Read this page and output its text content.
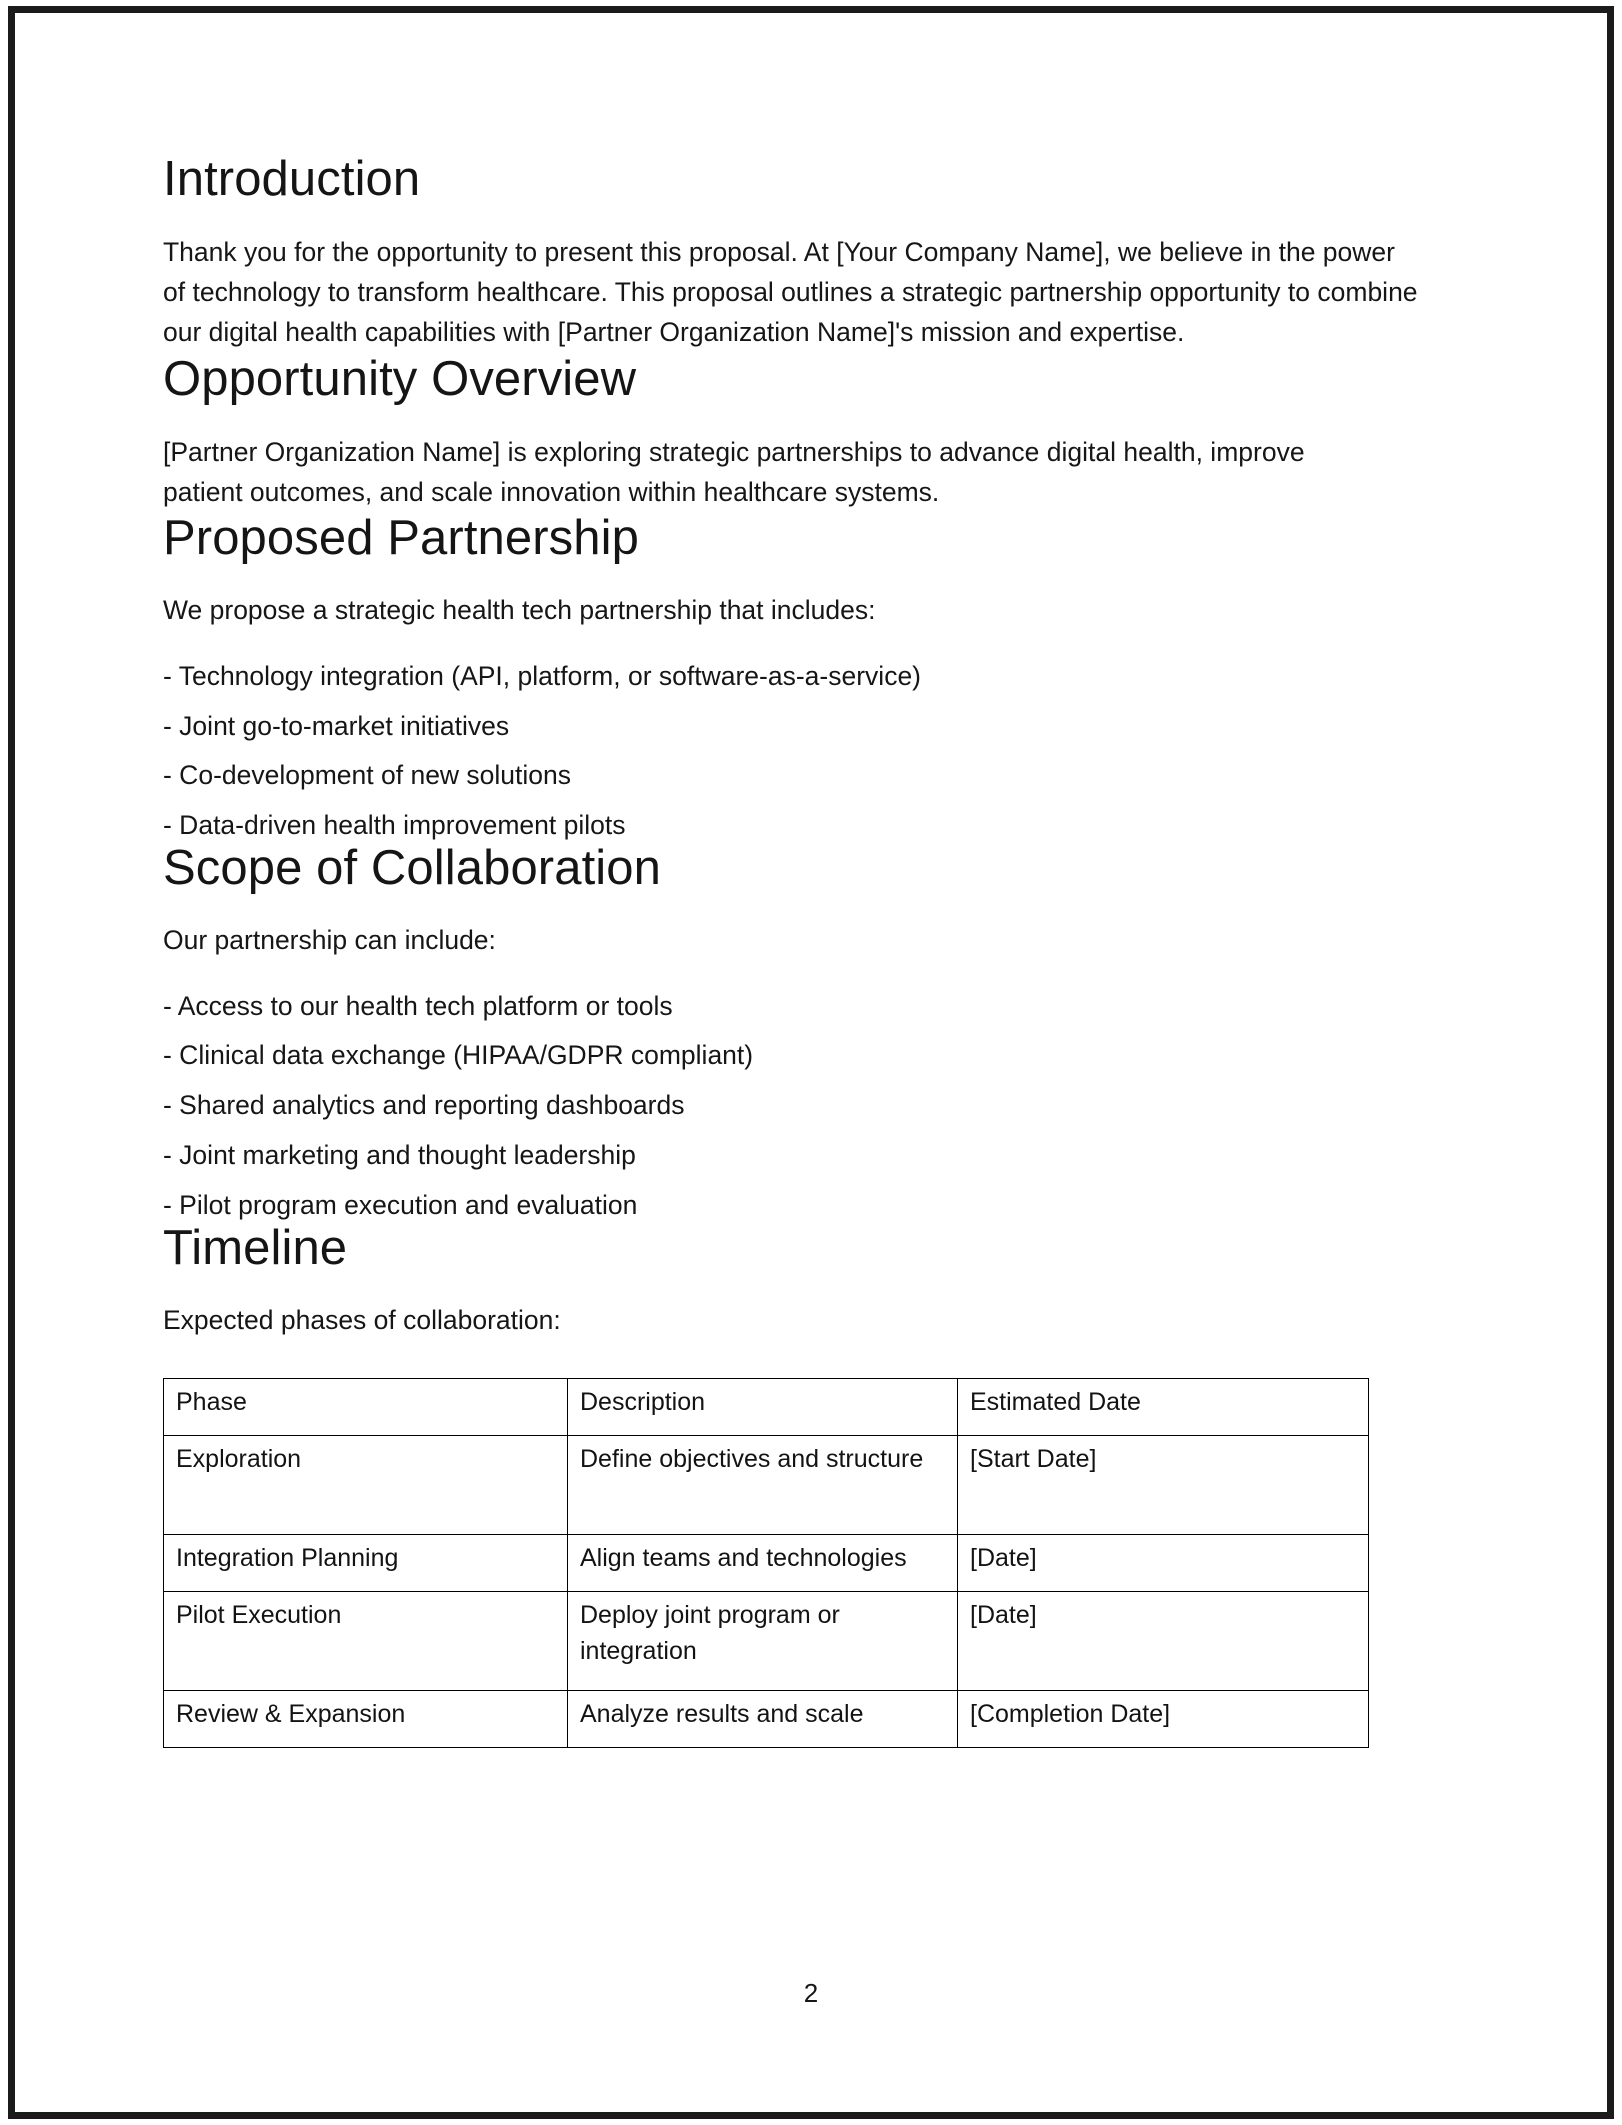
Introduction

Thank you for the opportunity to present this proposal. At [Your Company Name], we believe in the power of technology to transform healthcare. This proposal outlines a strategic partnership opportunity to combine our digital health capabilities with [Partner Organization Name]'s mission and expertise.

Opportunity Overview

[Partner Organization Name] is exploring strategic partnerships to advance digital health, improve patient outcomes, and scale innovation within healthcare systems.

Proposed Partnership

We propose a strategic health tech partnership that includes:

- Technology integration (API, platform, or software-as-a-service)
- Joint go-to-market initiatives
- Co-development of new solutions
- Data-driven health improvement pilots
Scope of Collaboration

Our partnership can include:

- Access to our health tech platform or tools
- Clinical data exchange (HIPAA/GDPR compliant)
- Shared analytics and reporting dashboards
- Joint marketing and thought leadership
- Pilot program execution and evaluation
Timeline

Expected phases of collaboration:

Phase	Description	Estimated Date
Exploration	Define objectives and structure	[Start Date]
Integration Planning	Align teams and technologies	[Date]
Pilot Execution	Deploy joint program or integration	[Date]
Review & Expansion	Analyze results and scale	[Completion Date]
2
